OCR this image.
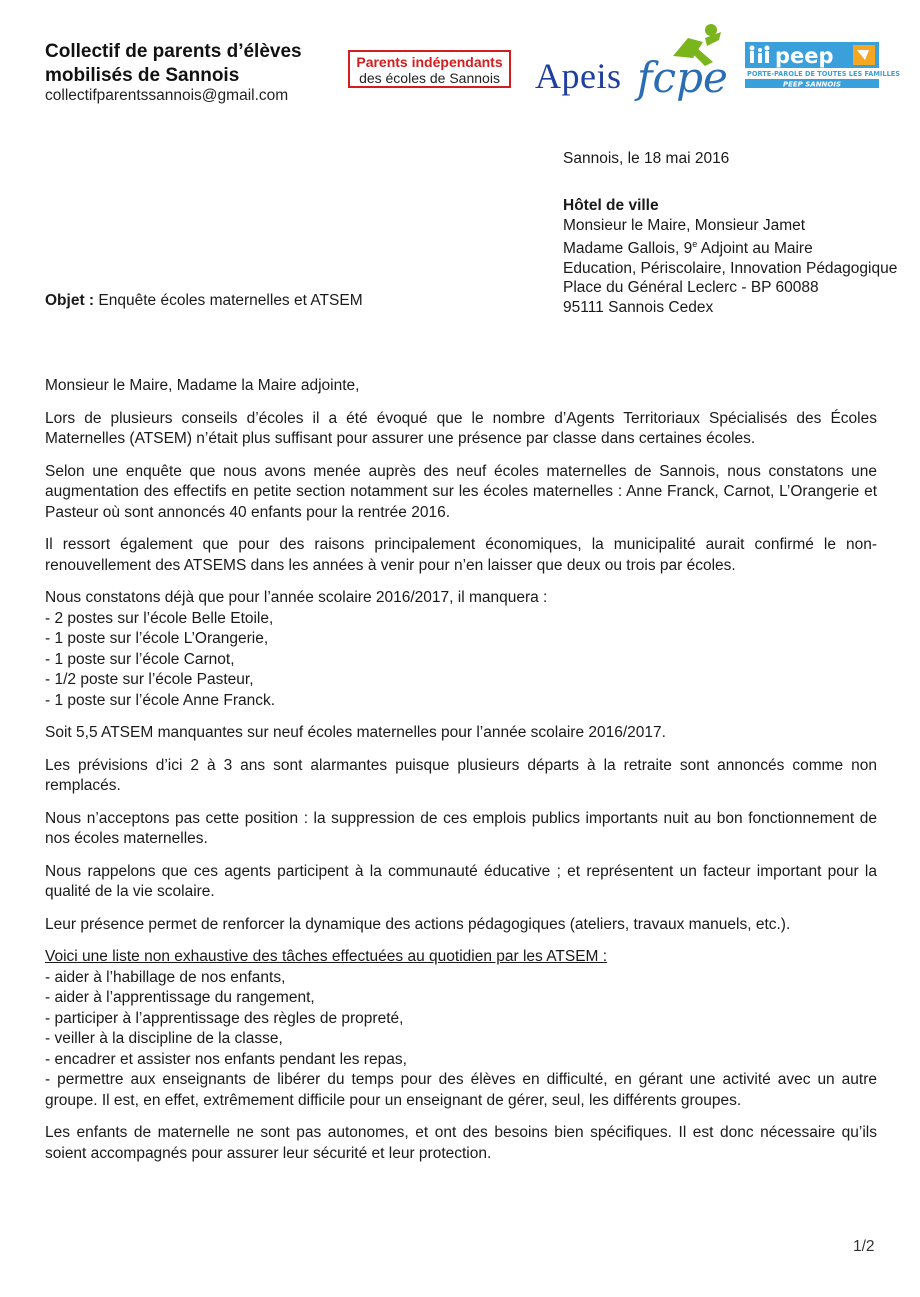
Collectif de parents d’élèves
mobilisés de Sannois
collectifparentssannois@gmail.com
Parents indépendants
des écoles de Sannois Apeis fcpe peep
PORTE-PAROLE DE TOUTES LES FAMILLES
PEEP SANNOIS
Sannois, le 18 mai 2016
Hôtel de ville
Monsieur le Maire, Monsieur Jamet
Madame Gallois, 9e Adjoint au Maire
Education, Périscolaire, Innovation Pédagogique
Place du Général Leclerc - BP 60088
95111 Sannois Cedex
Objet : Enquête écoles maternelles et ATSEM

Monsieur le Maire, Madame la Maire adjointe,

Lors de plusieurs conseils d’écoles il a été évoqué que le nombre d’Agents Territoriaux Spécialisés des Écoles Maternelles (ATSEM) n’était plus suffisant pour assurer une présence par classe dans certaines écoles.

Selon une enquête que nous avons menée auprès des neuf écoles maternelles de Sannois, nous constatons une augmentation des effectifs en petite section notamment sur les écoles maternelles : Anne Franck, Carnot, L’Orangerie et Pasteur où sont annoncés 40 enfants pour la rentrée 2016.

Il ressort également que pour des raisons principalement économiques, la municipalité aurait confirmé le non-renouvellement des ATSEMS dans les années à venir pour n’en laisser que deux ou trois par écoles.

Nous constatons déjà que pour l’année scolaire 2016/2017, il manquera :
- 2 postes sur l’école Belle Etoile,
- 1 poste sur l’école L’Orangerie,
- 1 poste sur l’école Carnot,
- 1/2 poste sur l’école Pasteur,
- 1 poste sur l’école Anne Franck.

Soit 5,5 ATSEM manquantes sur neuf écoles maternelles pour l’année scolaire 2016/2017.

Les prévisions d’ici 2 à 3 ans sont alarmantes puisque plusieurs départs à la retraite sont annoncés comme non remplacés.

Nous n’acceptons pas cette position : la suppression de ces emplois publics importants nuit au bon fonctionnement de nos écoles maternelles.

Nous rappelons que ces agents participent à la communauté éducative ; et représentent un facteur important pour la qualité de la vie scolaire.

Leur présence permet de renforcer la dynamique des actions pédagogiques (ateliers, travaux manuels, etc.).

Voici une liste non exhaustive des tâches effectuées au quotidien par les ATSEM :
- aider à l’habillage de nos enfants,
- aider à l’apprentissage du rangement,
- participer à l’apprentissage des règles de propreté,
- veiller à la discipline de la classe,
- encadrer et assister nos enfants pendant les repas,
- permettre aux enseignants de libérer du temps pour des élèves en difficulté, en gérant une activité avec un autre groupe. Il est, en effet, extrêmement difficile pour un enseignant de gérer, seul, les différents groupes.

Les enfants de maternelle ne sont pas autonomes, et ont des besoins bien spécifiques. Il est donc nécessaire qu’ils soient accompagnés pour assurer leur sécurité et leur protection.

1/2
